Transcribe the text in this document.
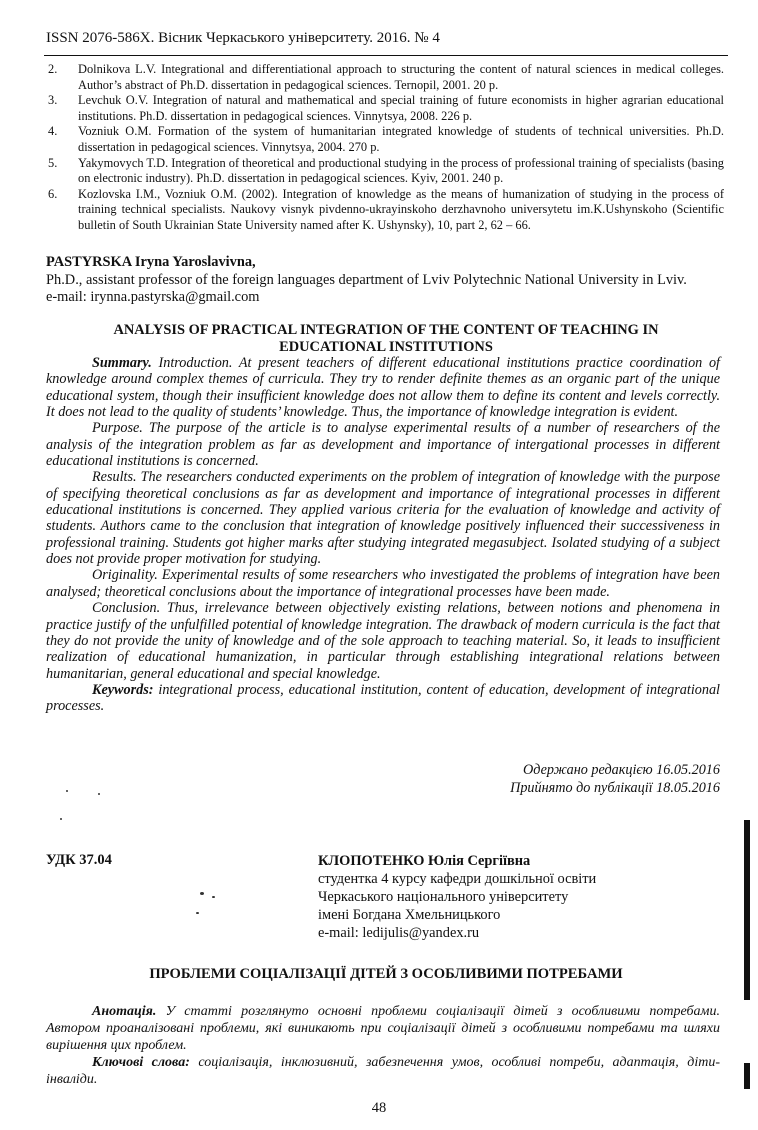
ISSN 2076-586X. Вісник Черкаського університету. 2016. № 4
2.	Dolnikova L.V. Integrational and differentiational approach to structuring the content of natural sciences in medical colleges. Author’s abstract of Ph.D. dissertation in pedagogical sciences. Ternopil, 2001. 20 p.
3.	Levchuk O.V. Integration of natural and mathematical and special training of future economists in higher agrarian educational institutions. Ph.D. dissertation in pedagogical sciences. Vinnytsya, 2008. 226 p.
4.	Vozniuk O.M. Formation of the system of humanitarian integrated knowledge of students of technical universities. Ph.D. dissertation in pedagogical sciences. Vinnytsya, 2004. 270 p.
5.	Yakymovych T.D. Integration of theoretical and productional studying in the process of professional training of specialists (basing on electronic industry). Ph.D. dissertation in pedagogical sciences. Kyiv, 2001. 240 p.
6.	Kozlovska I.M., Vozniuk O.M. (2002). Integration of knowledge as the means of humanization of studying in the process of training technical specialists. Naukovy visnyk pivdenno-ukrayinskoho derzhavnoho universytetu im.K.Ushynskoho (Scientific bulletin of South Ukrainian State University named after K. Ushynsky), 10, part 2, 62 – 66.
PASTYRSKA Iryna Yaroslavivna,
Ph.D., assistant professor of the foreign languages department of Lviv Polytechnic National University in Lviv.
e-mail: irynna.pastyrska@gmail.com
ANALYSIS OF PRACTICAL INTEGRATION OF THE CONTENT OF TEACHING IN
EDUCATIONAL INSTITUTIONS

Summary. Introduction. At present teachers of different educational institutions practice coordination of knowledge around complex themes of curricula. They try to render definite themes as an organic part of the unique educational system, though their insufficient knowledge does not allow them to define its content and levels correctly. It does not lead to the quality of students’ knowledge. Thus, the importance of knowledge integration is evident.

Purpose. The purpose of the article is to analyse experimental results of a number of researchers of the analysis of the integration problem as far as development and importance of intergational processes in different educational institutions is concerned.

Results. The researchers conducted experiments on the problem of integration of knowledge with the purpose of specifying theoretical conclusions as far as development and importance of integrational processes in different educational institutions is concerned. They applied various criteria for the evaluation of knowledge and activity of students. Authors came to the conclusion that integration of knowledge positively influenced their successiveness in professional training. Students got higher marks after studying integrated megasubject. Isolated studying of a subject does not provide proper motivation for studying.

Originality. Experimental results of some researchers who investigated the problems of integration have been analysed; theoretical conclusions about the importance of integrational processes have been made.

Conclusion. Thus, irrelevance between objectively existing relations, between notions and phenomena in practice justify of the unfulfilled potential of knowledge integration. The drawback of modern curricula is the fact that they do not provide the unity of knowledge and of the sole approach to teaching material. So, it leads to insufficient realization of educational humanization, in particular through establishing integrational relations between humanitarian, general educational and special knowledge.

Keywords: integrational process, educational institution, content of education, development of integrational processes.

Одержано редакцією 16.05.2016
Прийнято до публікації 18.05.2016
УДК 37.04	КЛОПОТЕНКО Юлія Сергіївна
студентка 4 курсу кафедри дошкільної освіти
Черкаського національного університету
імені Богдана Хмельницького
e-mail: ledijulis@yandex.ru
ПРОБЛЕМИ СОЦІАЛІЗАЦІЇ ДІТЕЙ З ОСОБЛИВИМИ ПОТРЕБАМИ

Анотація. У статті розглянуто основні проблеми соціалізації дітей з особливими потребами. Автором проаналізовані проблеми, які виникають при соціалізації дітей з особливими потребами та шляхи вирішення цих проблем.

Ключові слова: соціалізація, інклюзивний, забезпечення умов, особливі потреби, адаптація, діти-інваліди.

48
